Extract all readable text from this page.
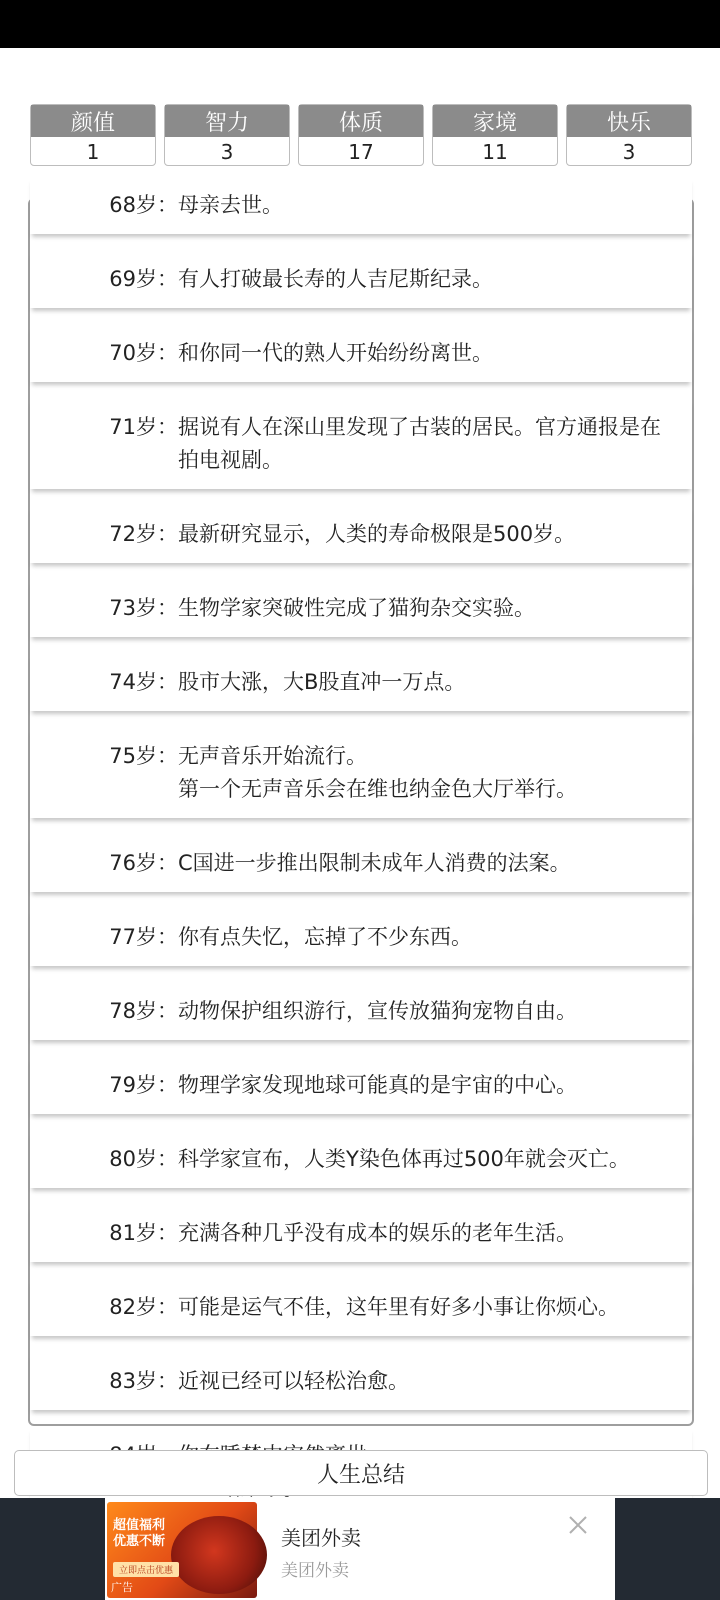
颜值
1
智力
3
体质
17
家境
11
快乐
3
68岁： 母亲去世。
69岁： 有人打破最长寿的人吉尼斯纪录。
70岁： 和你同一代的熟人开始纷纷离世。
71岁： 据说有人在深山里发现了古装的居民。官方通报是在拍电视剧。
72岁： 最新研究显示，人类的寿命极限是500岁。
73岁： 生物学家突破性完成了猫狗杂交实验。
74岁： 股市大涨，大B股直冲一万点。
75岁： 无声音乐开始流行。
第一个无声音乐会在维也纳金色大厅举行。
76岁： C国进一步推出限制未成年人消费的法案。
77岁： 你有点失忆，忘掉了不少东西。
78岁： 动物保护组织游行，宣传放猫狗宠物自由。
79岁： 物理学家发现地球可能真的是宇宙的中心。
80岁： 科学家宣布，人类Y染色体再过500年就会灭亡。
81岁： 充满各种几乎没有成本的娱乐的老年生活。
82岁： 可能是运气不佳，这年里有好多小事让你烦心。
83岁： 近视已经可以轻松治愈。
人生总结
超值福利
优惠不断
立即点击优惠
广告
美团外卖
美团外卖
